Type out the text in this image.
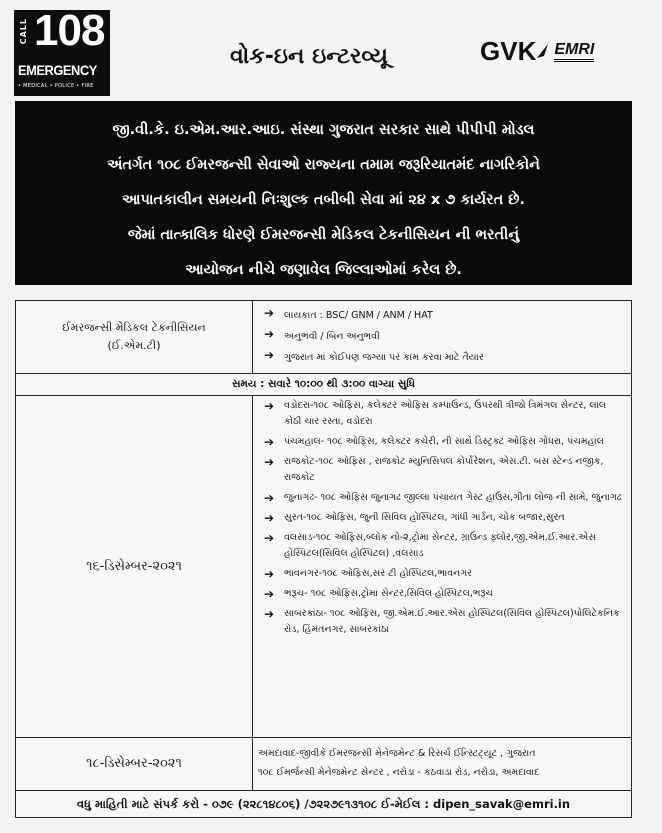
CALL 108
EMERGENCY
• MEDICAL • POLICE • FIRE
વોક-ઇન ઇન્ટરવ્યૂ	GVK EMRI
જી.વી.કે. ઇ.એમ.આર.આઇ. સંસ્થા ગુજરાત સરકાર સાથે પીપીપી મોડલ
અંતર્ગત ૧૦૮ ઈમરજન્સી સેવાઓ રાજ્યના તમામ જરૂરિયાતમંદ નાગરિકોને
આપાતકાલીન સમયની નિઃશુલ્ક તબીબી સેવા માં ૨૪ x ૭ કાર્યરત છે.
જેમાં તાત્કાલિક ધોરણે ઈમરજન્સી મેડિકલ ટેકનીસિયન ની ભરતીનું
આયોજન નીચે જણાવેલ જિલ્લાઓમાં કરેલ છે.
ઈમરજન્સી મેડિકલ ટેકનીસિયન
(ઈ.એમ.ટી)
➔	લાયકાત : BSC/ GNM / ANM / HAT
➔	અનુભવી / બિન અનુભવી
➔	ગુજરાત માં કોઈપણ જગ્યા પર કામ કરવા માટે તૈયાર
સમય : સવારે ૧૦:૦૦ થી ૩:૦૦ વાગ્યા સુધિ
૧૬-ડિસેમ્બર-૨૦૨૧
➔	વડોદરા-૧૦૮ ઓફિસ, કલેક્ટર ઓફિસ કમ્પાઉન્ડ, ઉપરથી ત્રીજો ત્રિમંગલ સેન્ટર, લાલ કોઠી ચાર રસ્તા, વડોદરા
➔	પંચમહાલ- ૧૦૮ ઓફિસ, કલેક્ટર કચેરી, ની સાથે ડિસ્ટ્રક્ટ ઓફિસ ગોધરા, પંચમહાલ
➔	રાજકોટ-૧૦૮ ઓફિસ , રાજકોટ મ્યુનિસિપલ કોર્પોરેશન, એસ.ટી. બસ સ્ટેન્ડ નજીક, રાજકોટ
➔	જુનાગઢ- ૧૦૮ ઓફિસ જુનાગઢ જીલ્લા પંચાયત ગેસ્ટ હાઉસ,ગીતા લોજ ની સામે, જુનાગઢ
➔	સુરત-૧૦૮ ઓફિસ, જુની સિવિલ હોસ્પિટલ, ગાંધી ગાર્ડન, ચોક બજાર,સુરત
➔	વલસાડ-૧૦૮ ઓફિસ,બ્લોક નો-૨,ટ્રોમા સેન્ટર, ગ્રાઉન્ડ ફ્લોર,જી.એમ.ઈ.આર.એસ હોસ્પિટલ(સિવિલ હોસ્પિટલ) ,વલસાડ
➔	ભાવનગર-૧૦૮ ઓફિસ,સર ટી હોસ્પિટલ,ભાવનગર
➔	ભરૂચ- ૧૦૮ ઓફિસ,ટ્રોમા સેન્ટર,સિવિલ હોસ્પિટલ,ભરૂચ
➔	સાબરકાંઠા- ૧૦૮ ઓફિસ, જી.એમ.ઈ.આર.એસ હોસ્પિટલ(સિવિલ હોસ્પિટલ)પોલિટેકનિક રોડ, હિંમતનગર, સાબરકાંઠા
૧૮-ડિસેમ્બર-૨૦૨૧
અમદાવાદ-જીવીકે ઈમરજન્સી મેનેજમેન્ટ & રિસર્ચ ઈન્સ્ટિટ્યૂટ , ગુજરાત
૧૦૮ ઈમર્જન્સી મેનેજમેન્ટ સેન્ટર , નરોડા - કઠવાડા રોડ, નરોડા, અમદાવાદ
વધુ માહિતી માટે સંપર્ક કરો - ૦૭૯ (૨૨૮૧૪૮૦૬) /૭૨૨૭૯૧૩૧૦૮ ઈ-મેઈલ : dipen_savak@emri.in
